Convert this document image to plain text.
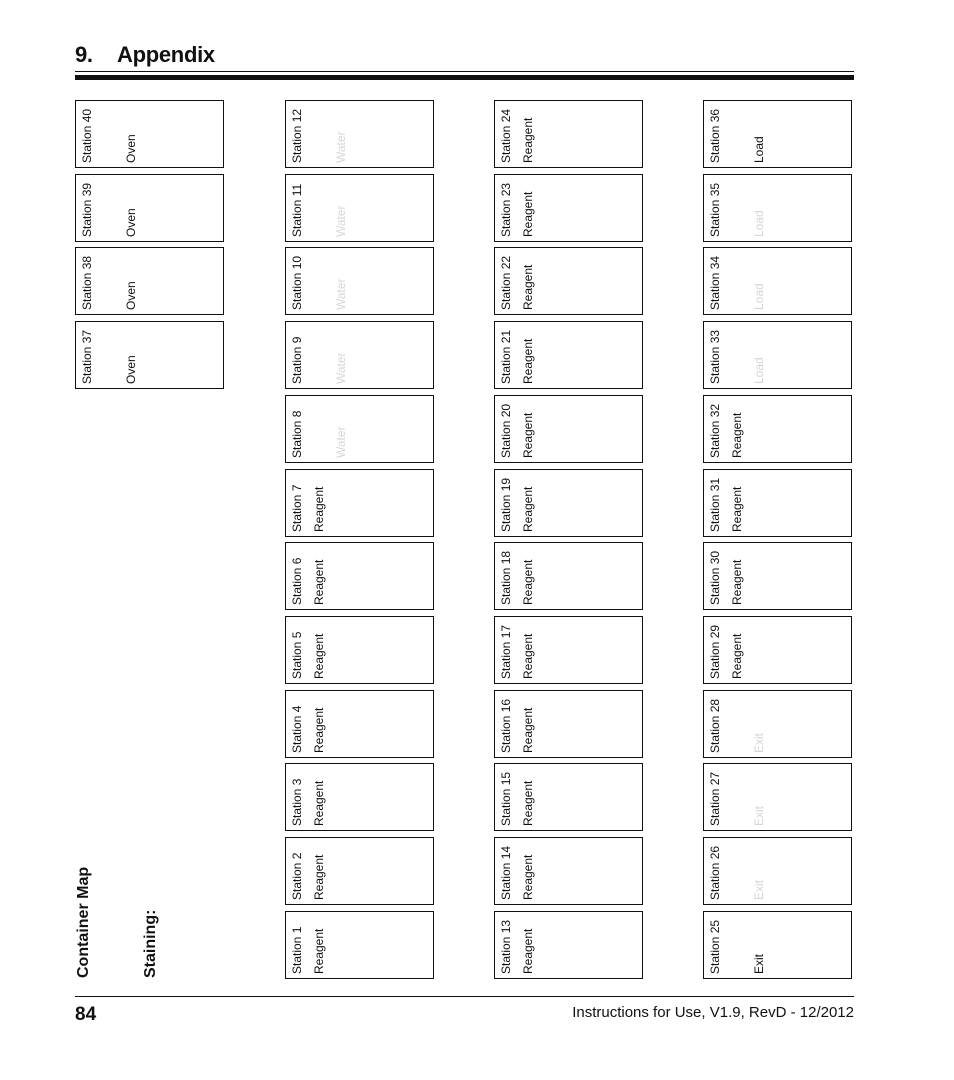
9. Appendix
Container Map	Staining:
Station 40	Oven
Station 39	Oven
Station 38	Oven
Station 37	Oven
Station 12	Water
Station 11	Water
Station 10	Water
Station 9	Water
Station 8	Water
Station 7 Reagent
Station 6 Reagent
Station 5 Reagent
Station 4 Reagent
Station 3 Reagent
Station 2 Reagent
Station 1 Reagent
Station 24 Reagent
Station 23 Reagent
Station 22 Reagent
Station 21 Reagent
Station 20 Reagent
Station 19 Reagent
Station 18 Reagent
Station 17 Reagent
Station 16 Reagent
Station 15 Reagent
Station 14 Reagent
Station 13 Reagent
Station 36	Load
Station 35	Load
Station 34	Load
Station 33	Load
Station 32 Reagent
Station 31 Reagent
Station 30 Reagent
Station 29 Reagent
Station 28	Exit
Station 27	Exit
Station 26	Exit
Station 25	Exit
84	Instructions for Use, V1.9, RevD - 12/2012
